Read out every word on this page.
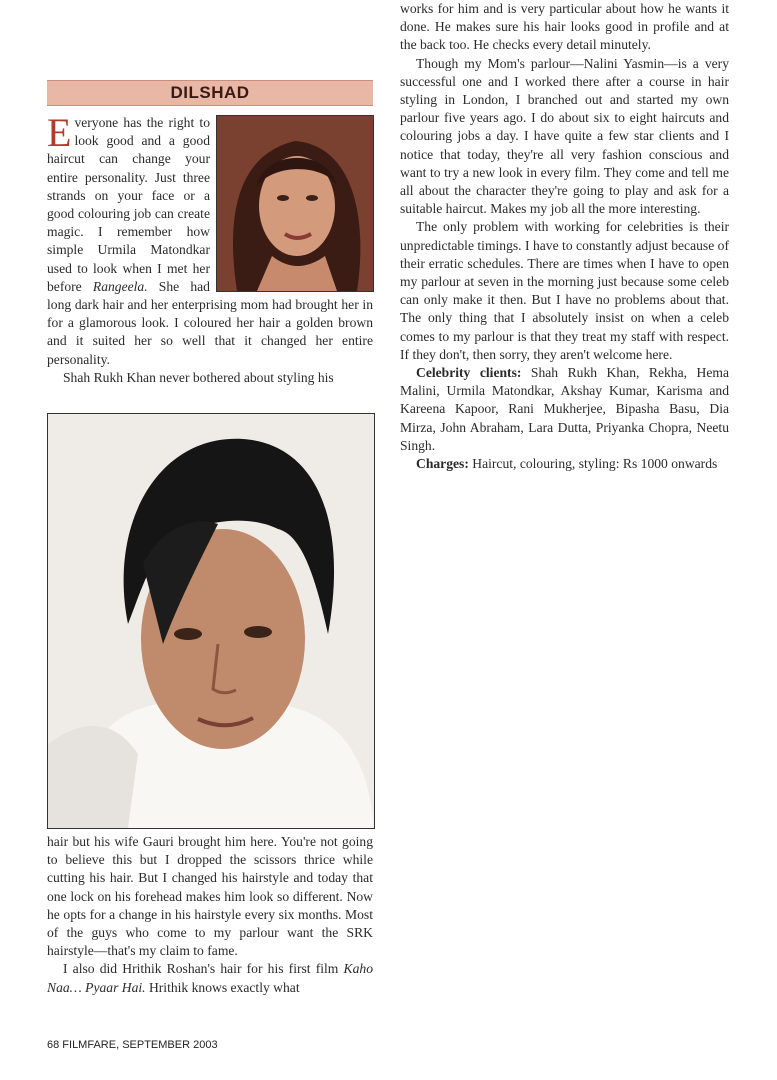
DILSHAD

Everyone has the right to look good and a good haircut can change your entire personality. Just three strands on your face or a good colouring job can create magic. I remember how simple Urmila Matondkar used to look when I met her before Rangeela. She had long dark hair and her enterprising mom had brought her in for a glamorous look. I coloured her hair a golden brown and it suited her so well that it changed her entire personality.

Shah Rukh Khan never bothered about styling his

hair but his wife Gauri brought him here. You're not going to believe this but I dropped the scissors thrice while cutting his hair. But I changed his hairstyle and today that one lock on his forehead makes him look so different. Now he opts for a change in his hairstyle every six months. Most of the guys who come to my parlour want the SRK hairstyle—that's my claim to fame.

I also did Hrithik Roshan's hair for his first film Kaho Naa… Pyaar Hai. Hrithik knows exactly what

works for him and is very particular about how he wants it done. He makes sure his hair looks good in profile and at the back too. He checks every detail minutely.

Though my Mom's parlour—Nalini Yasmin—is a very successful one and I worked there after a course in hair styling in London, I branched out and started my own parlour five years ago. I do about six to eight haircuts and colouring jobs a day. I have quite a few star clients and I notice that today, they're all very fashion conscious and want to try a new look in every film. They come and tell me all about the character they're going to play and ask for a suitable haircut. Makes my job all the more interesting.

The only problem with working for celebrities is their unpredictable timings. I have to constantly adjust because of their erratic schedules. There are times when I have to open my parlour at seven in the morning just because some celeb can only make it then. But I have no problems about that. The only thing that I absolutely insist on when a celeb comes to my parlour is that they treat my staff with respect. If they don't, then sorry, they aren't welcome here.

Celebrity clients: Shah Rukh Khan, Rekha, Hema Malini, Urmila Matondkar, Akshay Kumar, Karisma and Kareena Kapoor, Rani Mukherjee, Bipasha Basu, Dia Mirza, John Abraham, Lara Dutta, Priyanka Chopra, Neetu Singh.

Charges: Haircut, colouring, styling: Rs 1000 onwards

68 FILMFARE, SEPTEMBER 2003
